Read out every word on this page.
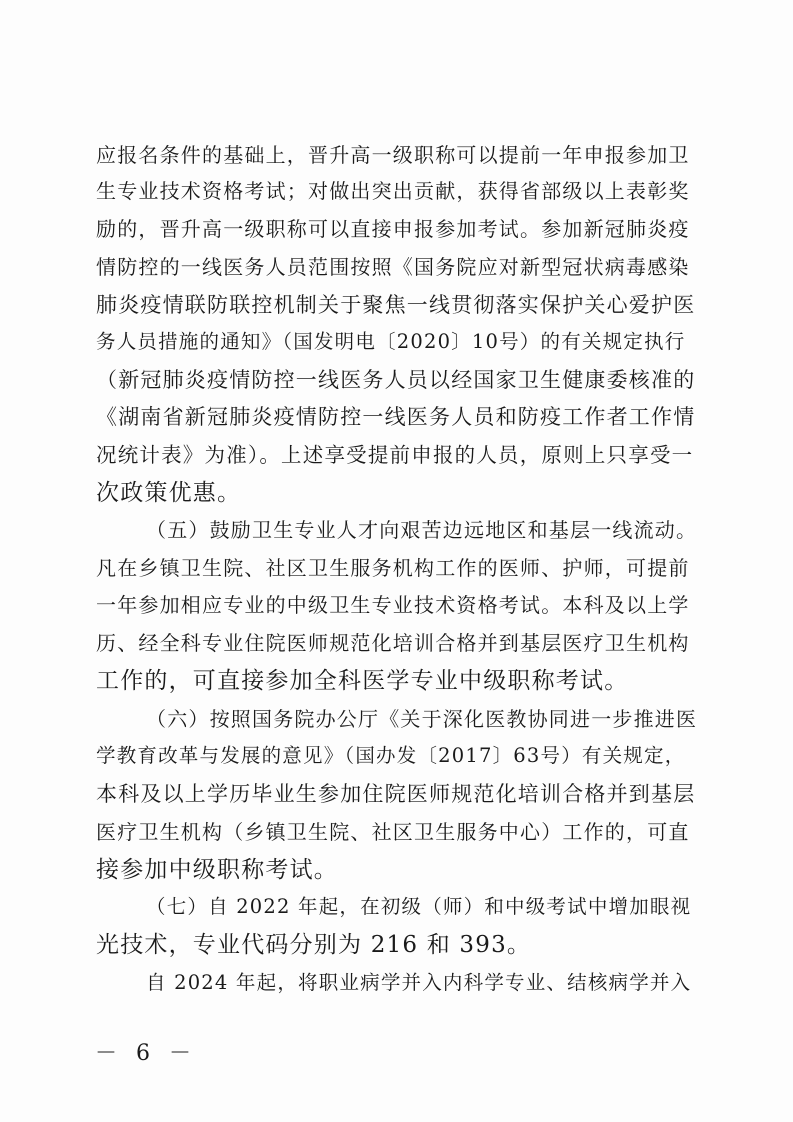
应报名条件的基础上，晋升高一级职称可以提前一年申报参加卫
生专业技术资格考试；对做出突出贡献，获得省部级以上表彰奖
励的，晋升高一级职称可以直接申报参加考试。参加新冠肺炎疫
情防控的一线医务人员范围按照《国务院应对新型冠状病毒感染
肺炎疫情联防联控机制关于聚焦一线贯彻落实保护关心爱护医
务人员措施的通知》（国发明电〔2020〕10号）的有关规定执行
（新冠肺炎疫情防控一线医务人员以经国家卫生健康委核准的
《湖南省新冠肺炎疫情防控一线医务人员和防疫工作者工作情
况统计表》为准）。上述享受提前申报的人员，原则上只享受一
次政策优惠。
（五）鼓励卫生专业人才向艰苦边远地区和基层一线流动。
凡在乡镇卫生院、社区卫生服务机构工作的医师、护师，可提前
一年参加相应专业的中级卫生专业技术资格考试。本科及以上学
历、经全科专业住院医师规范化培训合格并到基层医疗卫生机构
工作的，可直接参加全科医学专业中级职称考试。
（六）按照国务院办公厅《关于深化医教协同进一步推进医
学教育改革与发展的意见》（国办发〔2017〕63号）有关规定，
本科及以上学历毕业生参加住院医师规范化培训合格并到基层
医疗卫生机构（乡镇卫生院、社区卫生服务中心）工作的，可直
接参加中级职称考试。
（七）自 2022 年起，在初级（师）和中级考试中增加眼视
光技术，专业代码分别为 216 和 393。
自 2024 年起，将职业病学并入内科学专业、结核病学并入
－ 6 －
